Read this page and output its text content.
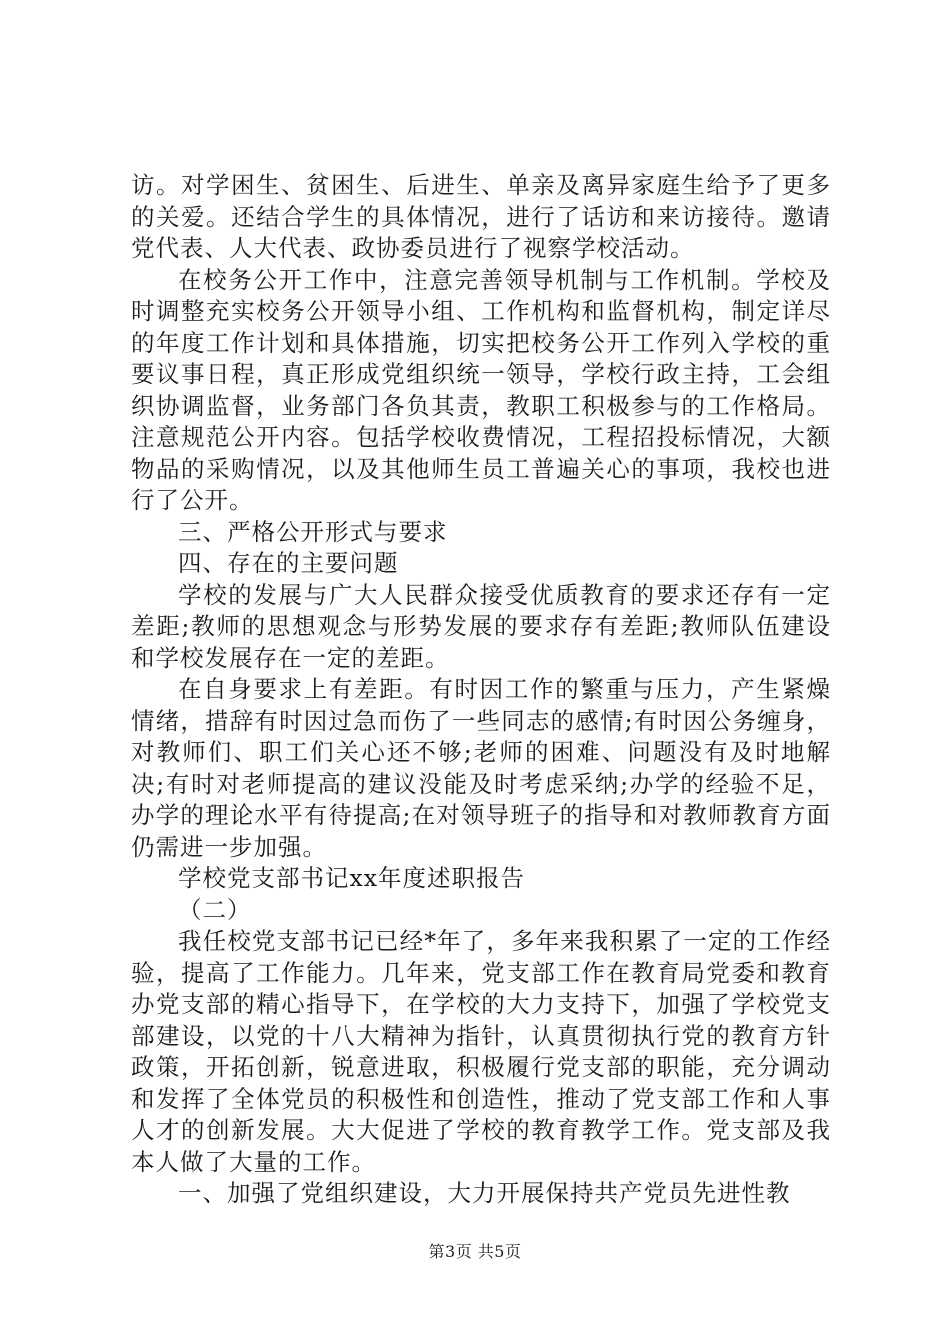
访。对学困生、贫困生、后进生、单亲及离异家庭生给予了更多的关爱。还结合学生的具体情况，进行了话访和来访接待。邀请党代表、人大代表、政协委员进行了视察学校活动。

在校务公开工作中，注意完善领导机制与工作机制。学校及时调整充实校务公开领导小组、工作机构和监督机构，制定详尽的年度工作计划和具体措施，切实把校务公开工作列入学校的重要议事日程，真正形成党组织统一领导，学校行政主持，工会组织协调监督，业务部门各负其责，教职工积极参与的工作格局。注意规范公开内容。包括学校收费情况，工程招投标情况，大额物品的采购情况，以及其他师生员工普遍关心的事项，我校也进行了公开。

三、严格公开形式与要求

四、存在的主要问题

学校的发展与广大人民群众接受优质教育的要求还存有一定差距;教师的思想观念与形势发展的要求存有差距;教师队伍建设和学校发展存在一定的差距。

在自身要求上有差距。有时因工作的繁重与压力，产生紧燥情绪，措辞有时因过急而伤了一些同志的感情;有时因公务缠身，对教师们、职工们关心还不够;老师的困难、问题没有及时地解决;有时对老师提高的建议没能及时考虑采纳;办学的经验不足，办学的理论水平有待提高;在对领导班子的指导和对教师教育方面仍需进一步加强。

学校党支部书记xx年度述职报告

（二）

我任校党支部书记已经*年了，多年来我积累了一定的工作经验，提高了工作能力。几年来，党支部工作在教育局党委和教育办党支部的精心指导下，在学校的大力支持下，加强了学校党支部建设，以党的十八大精神为指针，认真贯彻执行党的教育方针政策，开拓创新，锐意进取，积极履行党支部的职能，充分调动和发挥了全体党员的积极性和创造性，推动了党支部工作和人事人才的创新发展。大大促进了学校的教育教学工作。党支部及我本人做了大量的工作。

一、加强了党组织建设，大力开展保持共产党员先进性教

第3页 共5页
